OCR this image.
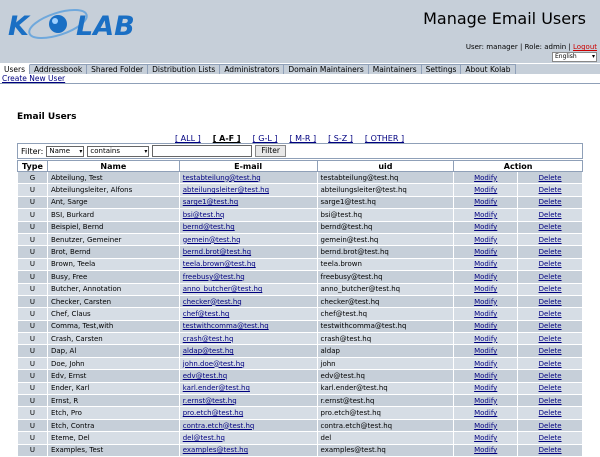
K LAB	Manage Email Users
User: manager | Role: admin | Logout
English	▾
Users	Addressbook	Shared Folder	Distribution Lists	Administrators	Domain Maintainers	Maintainers	Settings	About Kolab
Create New User
Email Users
[ ALL ] [ A-F ] [ G-L ] [ M-R ] [ S-Z ] [ OTHER ]
Filter: Name ▾	contains	▾	Filter
Type	Name	E-mail	uid	Action	
G	Abteilung, Test	testabteilung@test.hq	testabteilung@test.hq	Modify	Delete
U	Abteilungsleiter, Alfons	abteilungsleiter@test.hq	abteilungsleiter@test.hq	Modify	Delete
U	Ant, Sarge	sarge1@test.hq	sarge1@test.hq	Modify	Delete
U	BSI, Burkard	bsi@test.hq	bsi@test.hq	Modify	Delete
U	Beispiel, Bernd	bernd@test.hq	bernd@test.hq	Modify	Delete
U	Benutzer, Gemeiner	gemein@test.hq	gemein@test.hq	Modify	Delete
U	Brot, Bernd	bernd.brot@test.hq	bernd.brot@test.hq	Modify	Delete
U	Brown, Teela	teela.brown@test.hq	teela.brown	Modify	Delete
U	Busy, Free	freebusy@test.hq	freebusy@test.hq	Modify	Delete
U	Butcher, Annotation	anno_butcher@test.hq	anno_butcher@test.hq	Modify	Delete
U	Checker, Carsten	checker@test.hq	checker@test.hq	Modify	Delete
U	Chef, Claus	chef@test.hq	chef@test.hq	Modify	Delete
U	Comma, Test,with	testwithcomma@test.hq	testwithcomma@test.hq	Modify	Delete
U	Crash, Carsten	crash@test.hq	crash@test.hq	Modify	Delete
U	Dap, Al	aldap@test.hq	aldap	Modify	Delete
U	Doe, John	john.doe@test.hq	john	Modify	Delete
U	Edv, Ernst	edv@test.hq	edv@test.hq	Modify	Delete
U	Ender, Karl	karl.ender@test.hq	karl.ender@test.hq	Modify	Delete
U	Ernst, R	r.ernst@test.hq	r.ernst@test.hq	Modify	Delete
U	Etch, Pro	pro.etch@test.hq	pro.etch@test.hq	Modify	Delete
U	Etch, Contra	contra.etch@test.hq	contra.etch@test.hq	Modify	Delete
U	Eteme, Del	del@test.hq	del	Modify	Delete
U	Examples, Test	examples@test.hq	examples@test.hq	Modify	Delete
